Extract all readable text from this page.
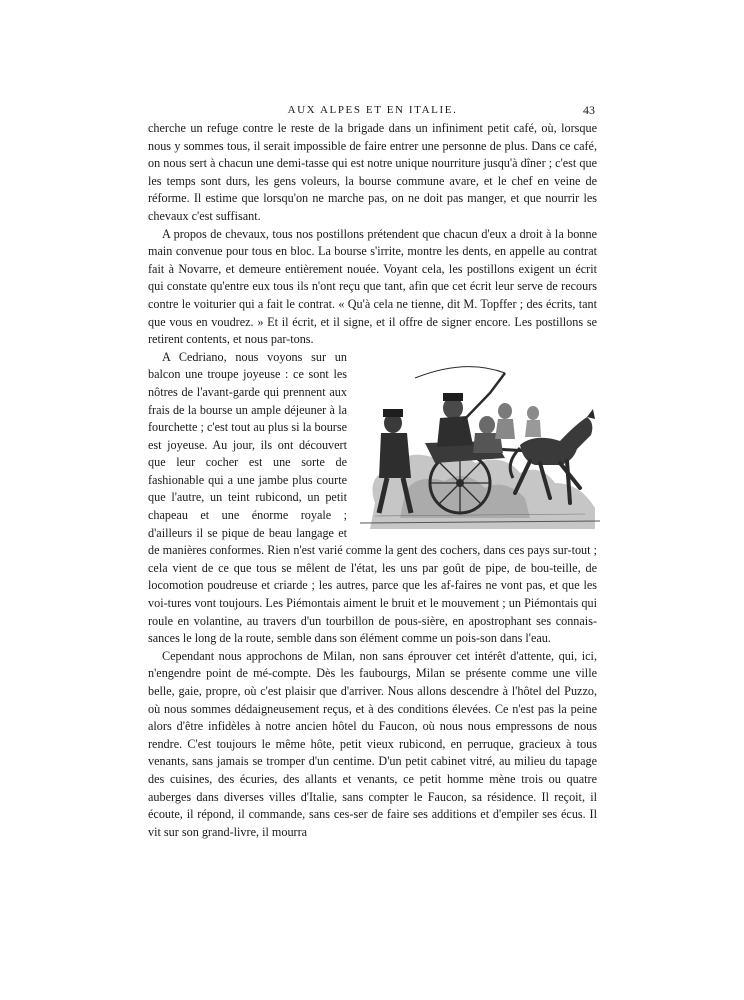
AUX ALPES ET EN ITALIE.	43

cherche un refuge contre le reste de la brigade dans un infiniment petit café, où, lorsque nous y sommes tous, il serait impossible de faire entrer une personne de plus. Dans ce café, on nous sert à chacun une demi-tasse qui est notre unique nourriture jusqu'à dîner ; c'est que les temps sont durs, les gens voleurs, la bourse commune avare, et le chef en veine de réforme. Il estime que lorsqu'on ne marche pas, on ne doit pas manger, et que nourrir les chevaux c'est suffisant.

A propos de chevaux, tous nos postillons prétendent que chacun d'eux a droit à la bonne main convenue pour tous en bloc. La bourse s'irrite, montre les dents, en appelle au contrat fait à Novarre, et demeure entièrement nouée. Voyant cela, les postillons exigent un écrit qui constate qu'entre eux tous ils n'ont reçu que tant, afin que cet écrit leur serve de recours contre le voiturier qui a fait le contrat. « Qu'à cela ne tienne, dit M. Topffer ; des écrits, tant que vous en voudrez. » Et il écrit, et il signe, et il offre de signer encore. Les postillons se retirent contents, et nous par-tons.

A Cedriano, nous voyons sur un balcon une troupe joyeuse : ce sont les nôtres de l'avant-garde qui prennent aux frais de la bourse un ample déjeuner à la fourchette ; c'est tout au plus si la bourse est joyeuse. Au jour, ils ont découvert que leur cocher est une sorte de fashionable qui a une jambe plus courte que l'autre, un teint rubicond, un petit chapeau et une énorme royale ; d'ailleurs il se pique de beau langage et de manières conformes. Rien n'est varié comme la gent des cochers, dans ces pays sur-tout ; cela vient de ce que tous se mêlent de l'état, les uns par goût de pipe, de bou-teille, de locomotion poudreuse et criarde ; les autres, parce que les af-faires ne vont pas, et que les voi-tures vont toujours. Les Piémontais aiment le bruit et le mouvement ; un Piémontais qui roule en volantine, au travers d'un tourbillon de pous-sière, en apostrophant ses connais-sances le long de la route, semble dans son élément comme un pois-son dans l'eau.

Cependant nous approchons de Milan, non sans éprouver cet intérêt d'attente, qui, ici, n'engendre point de mé-compte. Dès les faubourgs, Milan se présente comme une ville belle, gaie, propre, où c'est plaisir que d'arriver. Nous allons descendre à l'hôtel del Puzzo, où nous sommes dédaigneusement reçus, et à des conditions élevées. Ce n'est pas la peine alors d'être infidèles à notre ancien hôtel du Faucon, où nous nous empressons de nous rendre. C'est toujours le même hôte, petit vieux rubicond, en perruque, gracieux à tous venants, sans jamais se tromper d'un centime. D'un petit cabinet vitré, au milieu du tapage des cuisines, des écuries, des allants et venants, ce petit homme mène trois ou quatre auberges dans diverses villes d'Italie, sans compter le Faucon, sa résidence. Il reçoit, il écoute, il répond, il commande, sans ces-ser de faire ses additions et d'empiler ses écus. Il vit sur son grand-livre, il mourra
